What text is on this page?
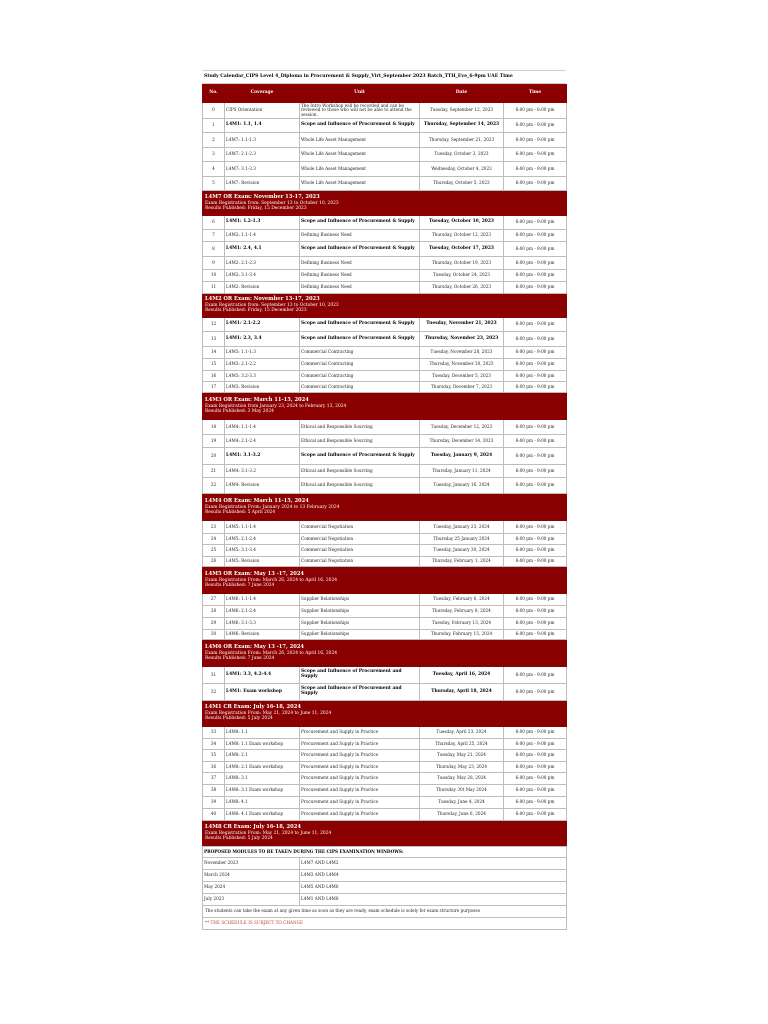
Study Calendar_CIPS Level 4_Diploma in Procurement & Supply_Virt_September 2023 Batch_TTH_Eve_6-9pm UAE Time
No.	Coverage	Unit	Date	Time
0	CIPS Orientation	The Intro Workshop will be recorded and can be reviewed to those who will not be able to attend the session.	Tuesday, September 12, 2023	6:00 pm - 8:00 pm
1	L4M1: 1.1, 1.4	Scope and Influence of Procurement & Supply	Thursday, September 14, 2023	6:00 pm - 9:00 pm
2	L4M7: 1.1-1.3	Whole Life Asset Management	Thursday, September 21, 2023	6:00 pm - 9:00 pm
3	L4M7: 2.1-2.3	Whole Life Asset Management	Tuesday, October 3, 2023	6:00 pm - 9:00 pm
4	L4M7: 3.1-3.3	Whole Life Asset Management	Wednesday, October 4, 2023	6:00 pm - 9:00 pm
5	L4M7: Revision	Whole Life Asset Management	Thursday, October 5, 2023	6:00 pm - 9:00 pm

L4M7 OR Exam: November 13-17, 2023
Exam Registration from: September 13 to October 10, 2023
Results Published: Friday, 15 December 2023				

6	L4M1: 1.2-1.3	Scope and Influence of Procurement & Supply	Tuesday, October 10, 2023	6:00 pm - 9:00 pm
7	L4M2: 1.1-1.4	Defining Business Need	Thursday, October 12, 2023	6:00 pm - 9:00 pm
8	L4M1: 2.4, 4.1	Scope and Influence of Procurement & Supply	Tuesday, October 17, 2023	6:00 pm - 9:00 pm
9	L4M2: 2.1-2.3	Defining Business Need	Thursday, October 19, 2023	6:00 pm - 9:00 pm
10	L4M2: 3.1-3.4	Defining Business Need	Tuesday, October 24, 2023	6:00 pm - 9:00 pm
11	L4M2: Revision	Defining Business Need	Thursday, October 26, 2023	6:00 pm - 9:00 pm

L4M2 OR Exam: November 13-17, 2023
Exam Registration from: September 13 to October 10, 2023
Results Published: Friday, 15 December 2023				

12	L4M1: 2.1-2.2	Scope and Influence of Procurement & Supply	Tuesday, November 21, 2023	6:00 pm - 9:00 pm
13	L4M1: 2.3, 3.4	Scope and Influence of Procurement & Supply	Thursday, November 23, 2023	6:00 pm - 9:00 pm
14	L4M3: 1.1-1.3	Commercial Contracting	Tuesday, November 28, 2023	6:00 pm - 9:00 pm
15	L4M3: 2.1-2.2	Commercial Contracting	Thursday, November 30, 2023	6:00 pm - 9:00 pm
16	L4M3: 3.2-3.3	Commercial Contracting	Tuesday, December 5, 2023	6:00 pm - 9:00 pm
17	L4M3: Revision	Commercial Contracting	Thursday, December 7, 2023	6:00 pm - 9:00 pm

L4M3 OR Exam: March 11-15, 2024
Exam Registration from January 23, 2024 to February 13, 2024
Results Published: 3 May 2024				

18	L4M4: 1.1-1.4	Ethical and Responsible Sourcing	Tuesday, December 12, 2023	6:00 pm - 9:00 pm
19	L4M4: 2.1-2.4	Ethical and Responsible Sourcing	Thursday, December 14, 2023	6:00 pm - 9:00 pm
20	L4M1: 3.1-3.2	Scope and Influence of Procurement & Supply	Tuesday, January 9, 2024	6:00 pm - 9:00 pm
21	L4M4: 3.1-3.2	Ethical and Responsible Sourcing	Thursday, January 11, 2024	6:00 pm - 9:00 pm
22	L4M4: Revision	Ethical and Responsible Sourcing	Tuesday, January 16, 2024	6:00 pm - 9:00 pm

L4M4 OR Exam: March 11-15, 2024
Exam Registration From: January 2024 to 13 February 2024
Results Published: 5 April 2024				

23	L4M5: 1.1-1.4	Commercial Negotiation	Tuesday, January 23, 2024	6:00 pm - 9:00 pm
24	L4M5: 2.1-2.4	Commercial Negotiation	Thursday 25 January 2024	6:00 pm - 9:00 pm
25	L4M5: 3.1-3.4	Commercial Negotiation	Tuesday, January 30, 2024	6:00 pm - 9:00 pm
26	L4M5: Revision	Commercial Negotiation	Thursday, February 1, 2024	6:00 pm - 9:00 pm

L4M5 OR Exam: May 13 -17, 2024
Exam Registration From: March 26, 2024 to April 16, 2024
Results Published: 7 June 2024				

27	L4M6: 1.1-1.4	Supplier Relationships	Tuesday, February 6, 2024	6:00 pm - 9:00 pm
28	L4M6: 2.1-2.4	Supplier Relationships	Thursday, February 8, 2024	6:00 pm - 9:00 pm
29	L4M6: 3.1-3.3	Supplier Relationships	Tuesday, February 13, 2024	6:00 pm - 9:00 pm
30	L4M6: Revision	Supplier Relationships	Thursday, February 15, 2024	6:00 pm - 9:00 pm

L4M6 OR Exam: May 13 -17, 2024
Exam Registration From: March 26, 2024 to April 16, 2024
Results Published: 7 June 2024				

31	L4M1: 3.3, 4.2-4.4	Scope and Influence of Procurement and Supply	Tuesday, April 16, 2024	6:00 pm - 9:00 pm
32	L4M1: Exam workshop	Scope and Influence of Procurement and Supply	Thursday, April 18, 2024	6:00 pm - 9:00 pm

L4M1 CR Exam: July 16-18, 2024
Exam Registration From: May 21, 2024 to June 11, 2024
Results Published: 5 July 2024				

33	L4M8: 1.1	Procurement and Supply in Practice	Tuesday, April 23, 2024	6:00 pm - 9:00 pm
34	L4M8: 1.1 Exam workshop	Procurement and Supply in Practice	Thursday, April 25, 2024	6:00 pm - 9:00 pm
35	L4M8: 2.1	Procurement and Supply in Practice	Tuesday, May 21, 2024	6:00 pm - 9:00 pm
36	L4M8: 2.1 Exam workshop	Procurement and Supply in Practice	Thursday, May 23, 2024	6:00 pm - 9:00 pm
37	L4M8: 3.1	Procurement and Supply in Practice	Tuesday, May 28, 2024	6:00 pm - 9:00 pm
38	L4M8: 3.1 Exam workshop	Procurement and Supply in Practice	Thursday 30t May 2024	6:00 pm - 9:00 pm
39	L4M8: 4.1	Procurement and Supply in Practice	Tuesday, June 4, 2024	6:00 pm - 9:00 pm
40	L4M8: 4.1 Exam workshop	Procurement and Supply in Practice	Thursday, June 6, 2024	6:00 pm - 9:00 pm

L4M8 CR Exam: July 16-18, 2024
Exam Registration From: May 21, 2024 to June 11, 2024
Results Published: 5 July 2024				
PROPOSED MODULES TO BE TAKEN DURING THE CIPS EXAMINATION WINDOWS:	
November 2023	L4M7 AND L4M2
March 2024	L4M3 AND L4M4
May 2024	L4M5 AND L4M6
July 2023	L4M1 AND L4M8
The students can take the exam at any given time as soon as they are ready, exam schedule is solely for exam structure purposes	
** THE SCHEDULE IS SUBJECT TO CHANGE	
